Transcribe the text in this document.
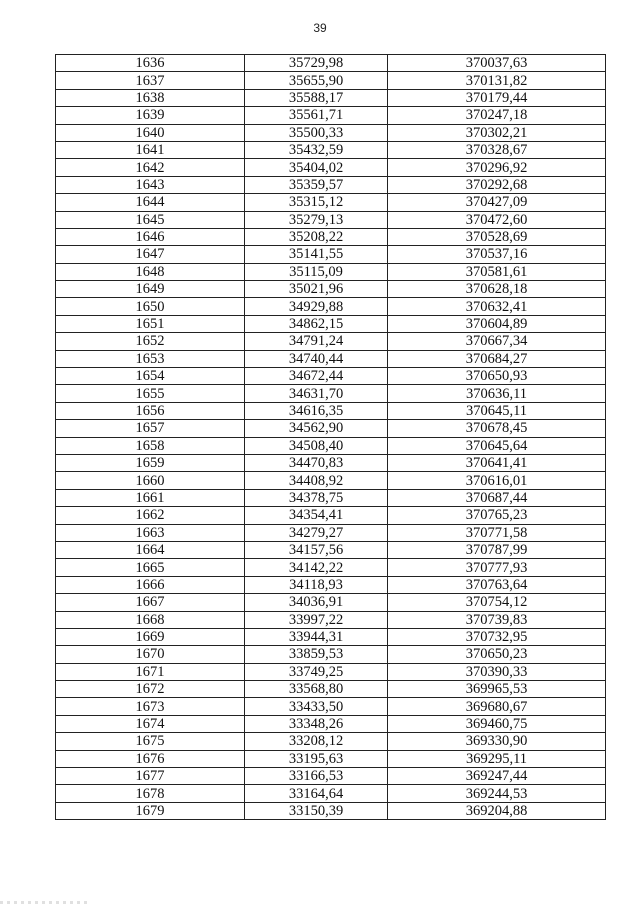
39
1636	35729,98	370037,63
1637	35655,90	370131,82
1638	35588,17	370179,44
1639	35561,71	370247,18
1640	35500,33	370302,21
1641	35432,59	370328,67
1642	35404,02	370296,92
1643	35359,57	370292,68
1644	35315,12	370427,09
1645	35279,13	370472,60
1646	35208,22	370528,69
1647	35141,55	370537,16
1648	35115,09	370581,61
1649	35021,96	370628,18
1650	34929,88	370632,41
1651	34862,15	370604,89
1652	34791,24	370667,34
1653	34740,44	370684,27
1654	34672,44	370650,93
1655	34631,70	370636,11
1656	34616,35	370645,11
1657	34562,90	370678,45
1658	34508,40	370645,64
1659	34470,83	370641,41
1660	34408,92	370616,01
1661	34378,75	370687,44
1662	34354,41	370765,23
1663	34279,27	370771,58
1664	34157,56	370787,99
1665	34142,22	370777,93
1666	34118,93	370763,64
1667	34036,91	370754,12
1668	33997,22	370739,83
1669	33944,31	370732,95
1670	33859,53	370650,23
1671	33749,25	370390,33
1672	33568,80	369965,53
1673	33433,50	369680,67
1674	33348,26	369460,75
1675	33208,12	369330,90
1676	33195,63	369295,11
1677	33166,53	369247,44
1678	33164,64	369244,53
1679	33150,39	369204,88
